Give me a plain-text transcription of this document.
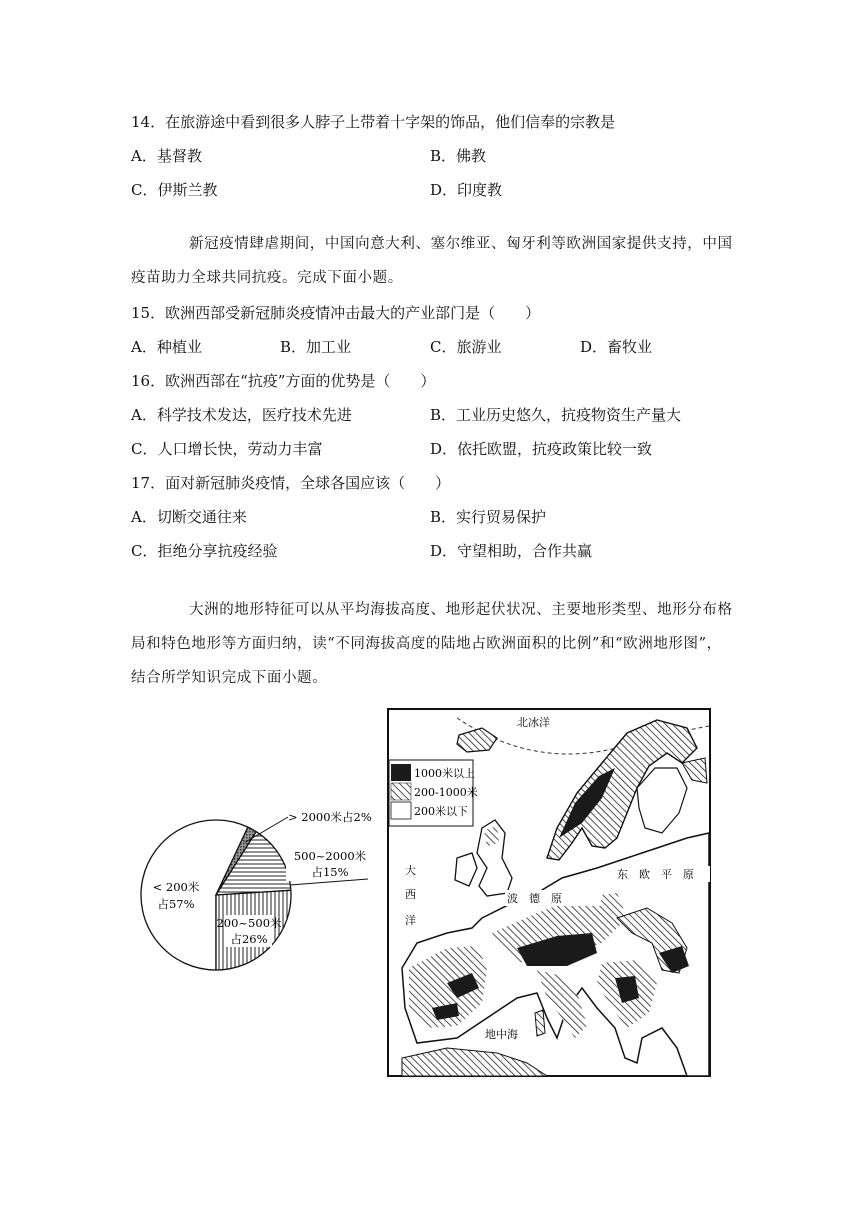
14．在旅游途中看到很多人脖子上带着十字架的饰品，他们信奉的宗教是
A．基督教	B．佛教
C．伊斯兰教	D．印度教
新冠疫情肆虐期间，中国向意大利、塞尔维亚、匈牙利等欧洲国家提供支持，中国
疫苗助力全球共同抗疫。完成下面小题。
15．欧洲西部受新冠肺炎疫情冲击最大的产业部门是（　　）
A．种植业	B．加工业	C．旅游业	D．畜牧业
16．欧洲西部在“抗疫”方面的优势是（　　）
A．科学技术发达，医疗技术先进	B．工业历史悠久，抗疫物资生产量大
C．人口增长快，劳动力丰富	D．依托欧盟，抗疫政策比较一致
17．面对新冠肺炎疫情，全球各国应该（　　）
A．切断交通往来	B．实行贸易保护
C．拒绝分享抗疫经验	D．守望相助，合作共赢
大洲的地形特征可以从平均海拔高度、地形起伏状况、主要地形类型、地形分布格
局和特色地形等方面归纳，读“不同海拔高度的陆地占欧洲面积的比例”和“欧洲地形图”，
结合所学知识完成下面小题。
< 200米
占57%
> 2000米占2%
500~2000米
占15%
200~500米
占26%
1000米以上
200-1000米
200米以下
北冰洋
大
西
洋
东　欧　平　原
波　德　原
地中海
